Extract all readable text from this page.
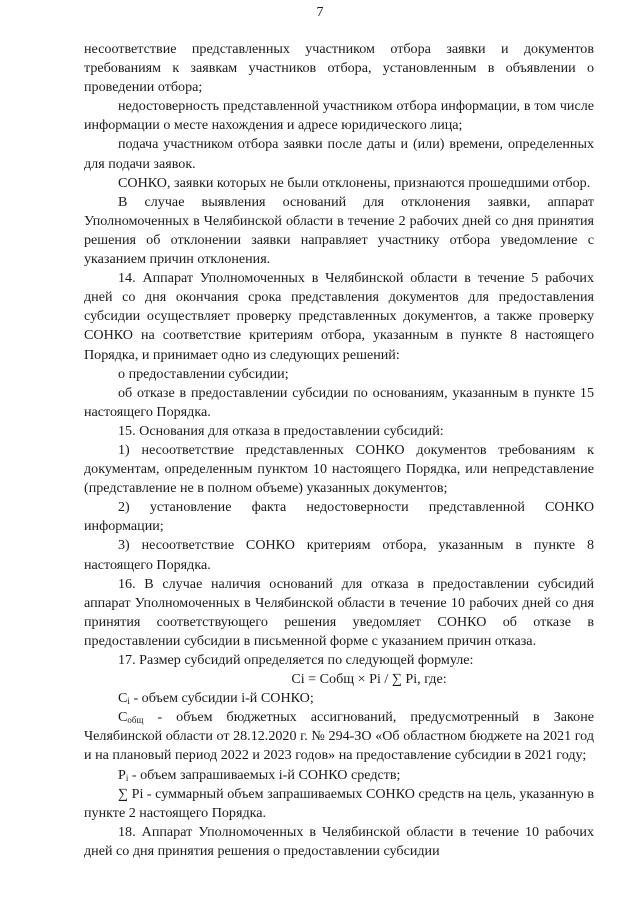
7

несоответствие представленных участником отбора заявки и документов требованиям к заявкам участников отбора, установленным в объявлении о проведении отбора;

недостоверность представленной участником отбора информации, в том числе информации о месте нахождения и адресе юридического лица;

подача участником отбора заявки после даты и (или) времени, определенных для подачи заявок.

СОНКО, заявки которых не были отклонены, признаются прошедшими отбор.

В случае выявления оснований для отклонения заявки, аппарат Уполномоченных в Челябинской области в течение 2 рабочих дней со дня принятия решения об отклонении заявки направляет участнику отбора уведомление с указанием причин отклонения.

14. Аппарат Уполномоченных в Челябинской области в течение 5 рабочих дней со дня окончания срока представления документов для предоставления субсидии осуществляет проверку представленных документов, а также проверку СОНКО на соответствие критериям отбора, указанным в пункте 8 настоящего Порядка, и принимает одно из следующих решений:

о предоставлении субсидии;

об отказе в предоставлении субсидии по основаниям, указанным в пункте 15 настоящего Порядка.

15. Основания для отказа в предоставлении субсидий:

1) несоответствие представленных СОНКО документов требованиям к документам, определенным пунктом 10 настоящего Порядка, или непредставление (представление не в полном объеме) указанных документов;

2) установление факта недостоверности представленной СОНКО информации;

3) несоответствие СОНКО критериям отбора, указанным в пункте 8 настоящего Порядка.

16. В случае наличия оснований для отказа в предоставлении субсидий аппарат Уполномоченных в Челябинской области в течение 10 рабочих дней со дня принятия соответствующего решения уведомляет СОНКО об отказе в предоставлении субсидии в письменной форме с указанием причин отказа.

17. Размер субсидий определяется по следующей формуле:

Ci = Cобщ × Pi / ∑ Pi, где:

$C_i$ - объем субсидии i-й СОНКО;

$C_{общ}$ - объем бюджетных ассигнований, предусмотренный в Законе Челябинской области от 28.12.2020 г. № 294-ЗО «Об областном бюджете на 2021 год и на плановый период 2022 и 2023 годов» на предоставление субсидии в 2021 году;

$P_i$ - объем запрашиваемых i-й СОНКО средств;

∑ Pi - суммарный объем запрашиваемых СОНКО средств на цель, указанную в пункте 2 настоящего Порядка.

18. Аппарат Уполномоченных в Челябинской области в течение 10 рабочих дней со дня принятия решения о предоставлении субсидии
